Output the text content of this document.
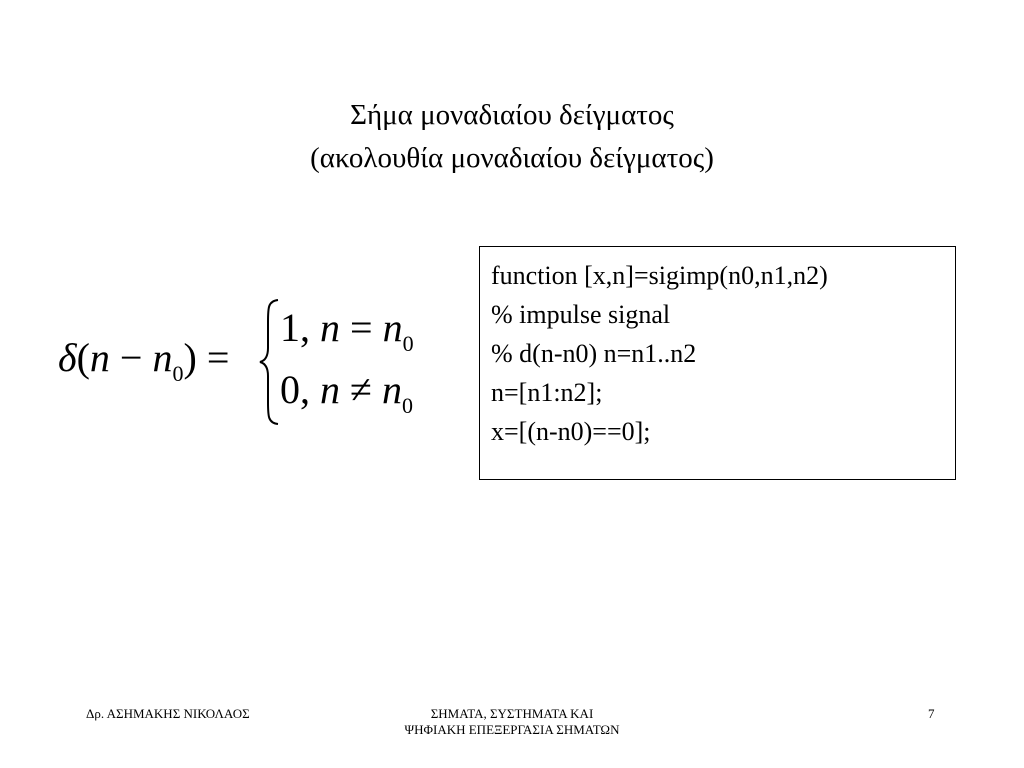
Σήμα μοναδιαίου δείγματος
(ακολουθία μοναδιαίου δείγματος)
$\delta(n - n_0)$ =
1, $n = n_0$
0, $n \ne n_0$
function [x,n]=sigimp(n0,n1,n2)
% impulse signal
% d(n-n0) n=n1..n2
n=[n1:n2];
x=[(n-n0)==0];
Δρ. ΑΣΗΜΑΚΗΣ ΝΙΚΟΛΑΟΣ	ΣΗΜΑΤΑ, ΣΥΣΤΗΜΑΤΑ ΚΑΙ
ΨΗΦΙΑΚΗ ΕΠΕΞΕΡΓΑΣΙΑ ΣΗΜΑΤΩΝ
7
